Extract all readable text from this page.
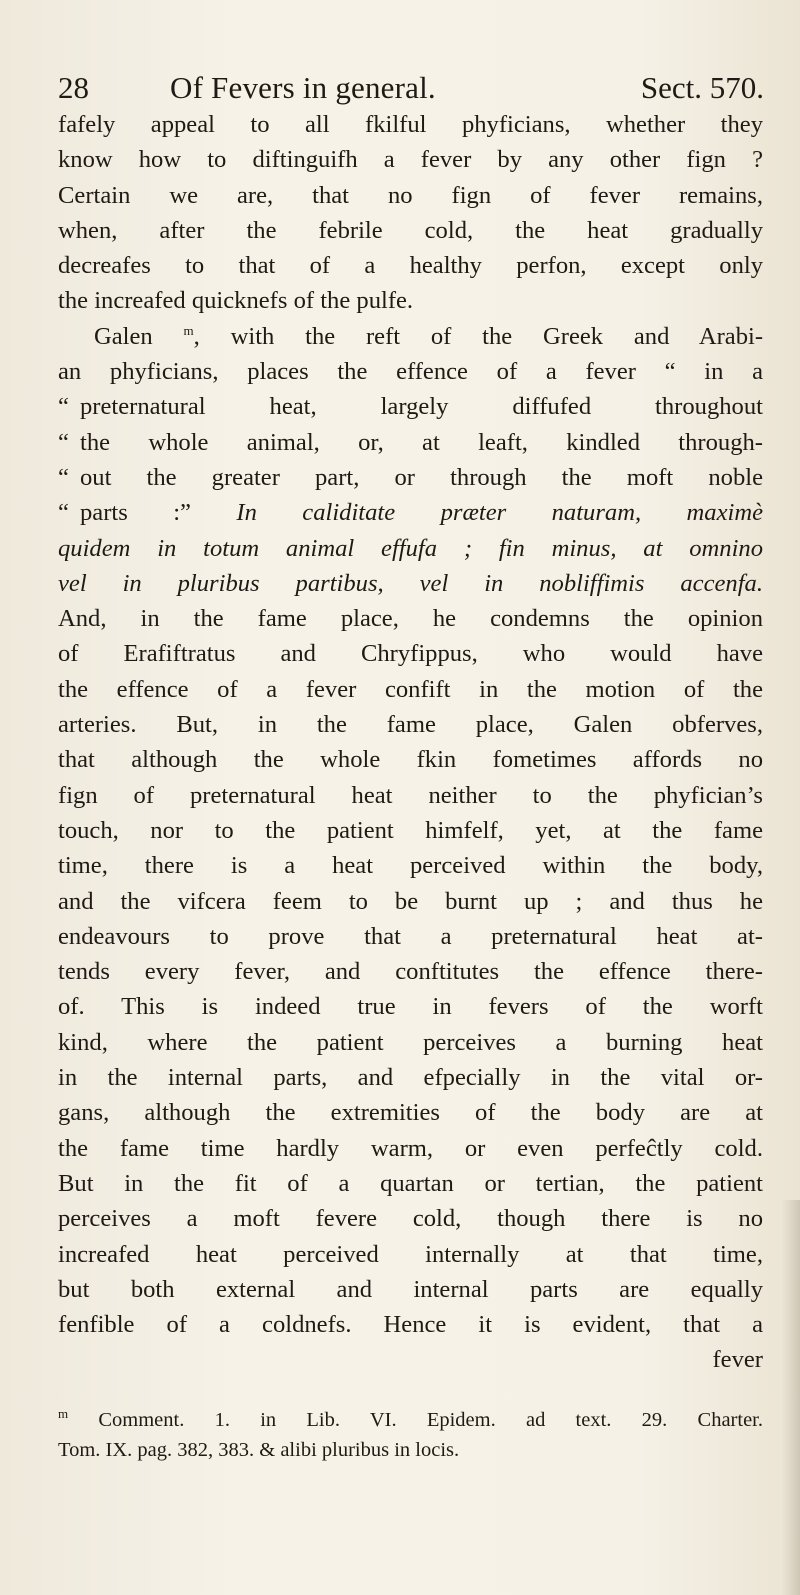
28	Of Fevers in general.	Sect. 570.
fafely appeal to all fkilful phyficians, whether they
know how to diftinguifh a fever by any other fign ?
Certain we are, that no fign of fever remains,
when, after the febrile cold, the heat gradually
decreafes to that of a healthy perfon, except only
the increafed quicknefs of the pulfe.
Galen $^m$, with the reft of the Greek and Arabi-
an phyficians, places the effence of a fever “ in a
“ preternatural heat, largely diffufed throughout
“ the whole animal, or, at leaft, kindled through-
“ out the greater part, or through the moft noble
“ parts :” In caliditate præter naturam, maximè
quidem in totum animal effufa ; fin minus, at omnino
vel in pluribus partibus, vel in nobliffimis accenfa.
And, in the fame place, he condemns the opinion
of Erafiftratus and Chryfippus, who would have
the effence of a fever confift in the motion of the
arteries. But, in the fame place, Galen obferves,
that although the whole fkin fometimes affords no
fign of preternatural heat neither to the phyfician’s
touch, nor to the patient himfelf, yet, at the fame
time, there is a heat perceived within the body,
and the vifcera feem to be burnt up ; and thus he
endeavours to prove that a preternatural heat at-
tends every fever, and conftitutes the effence there-
of. This is indeed true in fevers of the worft
kind, where the patient perceives a burning heat
in the internal parts, and efpecially in the vital or-
gans, although the extremities of the body are at
the fame time hardly warm, or even perfeĉtly cold.
But in the fit of a quartan or tertian, the patient
perceives a moft fevere cold, though there is no
increafed heat perceived internally at that time,
but both external and internal parts are equally
fenfible of a coldnefs. Hence it is evident, that a
fever
$^m$ Comment. 1. in Lib. VI. Epidem. ad text. 29. Charter.
Tom. IX. pag. 382, 383. & alibi pluribus in locis.
